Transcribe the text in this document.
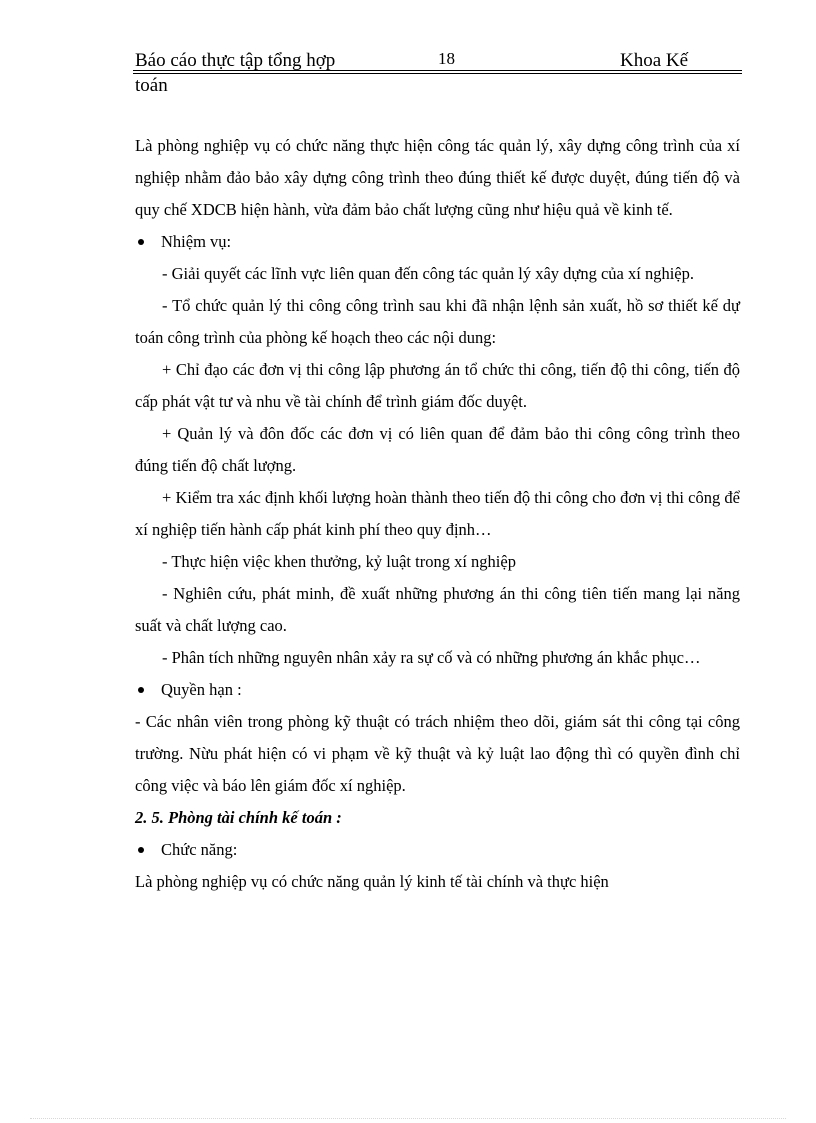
Báo cáo thực tập tổng hợp	18	Khoa Kế
toán

Là phòng nghiệp vụ có chức năng thực hiện công tác quản lý, xây dựng công trình của xí nghiệp nhằm đảo bảo xây dựng công trình theo đúng thiết kế được duyệt, đúng tiến độ và quy chế XDCB hiện hành, vừa đảm bảo chất lượng cũng như hiệu quả về kinh tế.

Nhiệm vụ:

- Giải quyết các lĩnh vực liên quan đến công tác quản lý xây dựng của xí nghiệp.

- Tổ chức quản lý thi công công trình sau khi đã nhận lệnh sản xuất, hồ sơ thiết kế dự toán công trình của phòng kế hoạch theo các nội dung:

+ Chỉ đạo các đơn vị thi công lập phương án tổ chức thi công, tiến độ thi công, tiến độ cấp phát vật tư và nhu về tài chính để trình giám đốc duyệt.

+ Quản lý và đôn đốc các đơn vị có liên quan để đảm bảo thi công công trình theo đúng tiến độ chất lượng.

+ Kiểm tra xác định khối lượng hoàn thành theo tiến độ thi công cho đơn vị thi công để xí nghiệp tiến hành cấp phát kinh phí theo quy định…

- Thực hiện việc khen thưởng, kỷ luật trong xí nghiệp

- Nghiên cứu, phát minh, đề xuất những phương án thi công tiên tiến mang lại năng suất và chất lượng cao.

- Phân tích những nguyên nhân xảy ra sự cố và có những phương án khắc phục…

Quyền hạn :

- Các nhân viên trong phòng kỹ thuật có trách nhiệm theo dõi, giám sát thi công tại công trường. Nừu phát hiện có vi phạm về kỹ thuật và kỷ luật lao động thì có quyền đình chỉ công việc và báo lên giám đốc xí nghiệp.

2. 5. Phòng tài chính kế toán :

Chức năng:

Là phòng nghiệp vụ có chức năng quản lý kinh tế tài chính và thực hiện
